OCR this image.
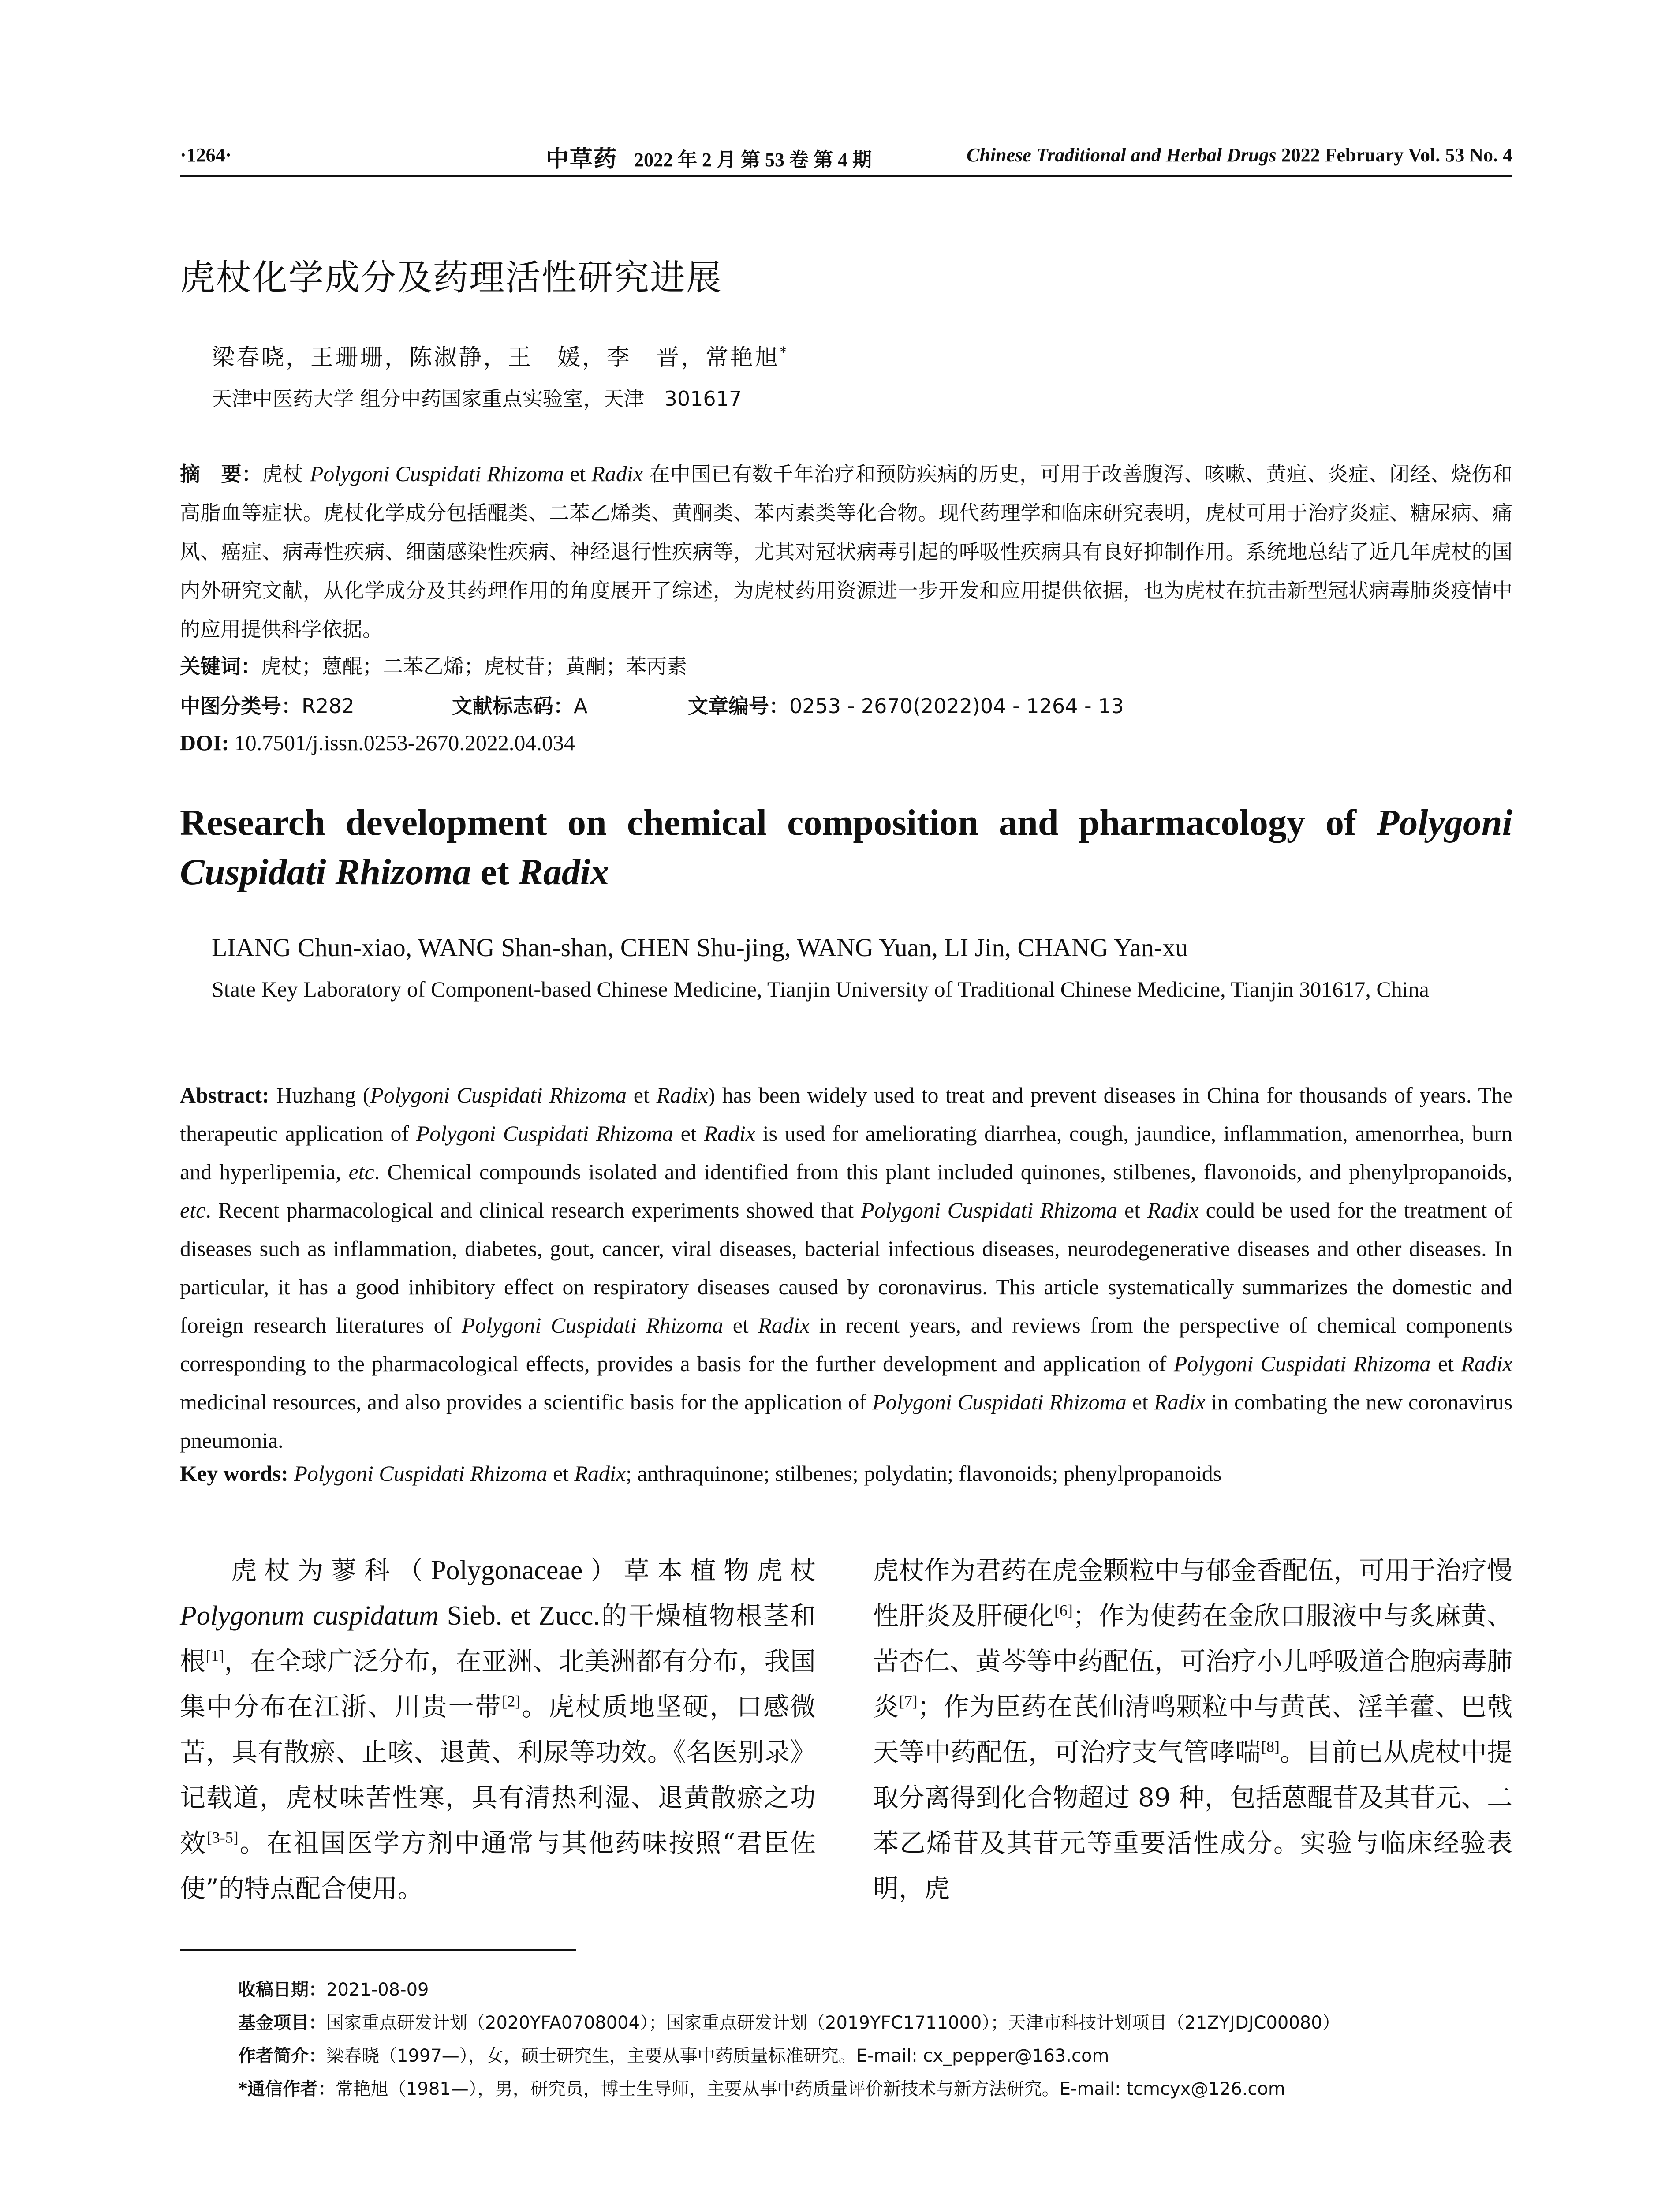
·1264·	中草药 2022 年 2 月 第 53 卷 第 4 期	Chinese Traditional and Herbal Drugs 2022 February Vol. 53 No. 4
虎杖化学成分及药理活性研究进展
梁春晓，王珊珊，陈淑静，王　媛，李　晋，常艳旭*
天津中医药大学 组分中药国家重点实验室，天津　301617
摘　要：虎杖 Polygoni Cuspidati Rhizoma et Radix 在中国已有数千年治疗和预防疾病的历史，可用于改善腹泻、咳嗽、黄疸、炎症、闭经、烧伤和高脂血等症状。虎杖化学成分包括醌类、二苯乙烯类、黄酮类、苯丙素类等化合物。现代药理学和临床研究表明，虎杖可用于治疗炎症、糖尿病、痛风、癌症、病毒性疾病、细菌感染性疾病、神经退行性疾病等，尤其对冠状病毒引起的呼吸性疾病具有良好抑制作用。系统地总结了近几年虎杖的国内外研究文献，从化学成分及其药理作用的角度展开了综述，为虎杖药用资源进一步开发和应用提供依据，也为虎杖在抗击新型冠状病毒肺炎疫情中的应用提供科学依据。
关键词：虎杖；蒽醌；二苯乙烯；虎杖苷；黄酮；苯丙素
中图分类号：R282	文献标志码：A	文章编号：0253 - 2670(2022)04 - 1264 - 13
DOI: 10.7501/j.issn.0253-2670.2022.04.034
Research development on chemical composition and pharmacology of Polygoni Cuspidati Rhizoma et Radix
LIANG Chun-xiao, WANG Shan-shan, CHEN Shu-jing, WANG Yuan, LI Jin, CHANG Yan-xu
State Key Laboratory of Component-based Chinese Medicine, Tianjin University of Traditional Chinese Medicine, Tianjin 301617, China
Abstract: Huzhang (Polygoni Cuspidati Rhizoma et Radix) has been widely used to treat and prevent diseases in China for thousands of years. The therapeutic application of Polygoni Cuspidati Rhizoma et Radix is used for ameliorating diarrhea, cough, jaundice, inflammation, amenorrhea, burn and hyperlipemia, etc. Chemical compounds isolated and identified from this plant included quinones, stilbenes, flavonoids, and phenylpropanoids, etc. Recent pharmacological and clinical research experiments showed that Polygoni Cuspidati Rhizoma et Radix could be used for the treatment of diseases such as inflammation, diabetes, gout, cancer, viral diseases, bacterial infectious diseases, neurodegenerative diseases and other diseases. In particular, it has a good inhibitory effect on respiratory diseases caused by coronavirus. This article systematically summarizes the domestic and foreign research literatures of Polygoni Cuspidati Rhizoma et Radix in recent years, and reviews from the perspective of chemical components corresponding to the pharmacological effects, provides a basis for the further development and application of Polygoni Cuspidati Rhizoma et Radix medicinal resources, and also provides a scientific basis for the application of Polygoni Cuspidati Rhizoma et Radix in combating the new coronavirus pneumonia.
Key words: Polygoni Cuspidati Rhizoma et Radix; anthraquinone; stilbenes; polydatin; flavonoids; phenylpropanoids
虎杖为蓼科（Polygonaceae）草本植物虎杖 Polygonum cuspidatum Sieb. et Zucc.的干燥植物根茎和根[1]，在全球广泛分布，在亚洲、北美洲都有分布，我国集中分布在江浙、川贵一带[2]。虎杖质地坚硬，口感微苦，具有散瘀、止咳、退黄、利尿等功效。《名医别录》记载道，虎杖味苦性寒，具有清热利湿、退黄散瘀之功效[3-5]。在祖国医学方剂中通常与其他药味按照“君臣佐使”的特点配合使用。
虎杖作为君药在虎金颗粒中与郁金香配伍，可用于治疗慢性肝炎及肝硬化[6]；作为使药在金欣口服液中与炙麻黄、苦杏仁、黄芩等中药配伍，可治疗小儿呼吸道合胞病毒肺炎[7]；作为臣药在芪仙清鸣颗粒中与黄芪、淫羊藿、巴戟天等中药配伍，可治疗支气管哮喘[8]。目前已从虎杖中提取分离得到化合物超过 89 种，包括蒽醌苷及其苷元、二苯乙烯苷及其苷元等重要活性成分。实验与临床经验表明，虎
收稿日期：2021-08-09
基金项目：国家重点研发计划（2020YFA0708004）；国家重点研发计划（2019YFC1711000）；天津市科技计划项目（21ZYJDJC00080）
作者简介：梁春晓（1997—），女，硕士研究生，主要从事中药质量标准研究。E-mail: cx_pepper@163.com
*通信作者：常艳旭（1981—），男，研究员，博士生导师，主要从事中药质量评价新技术与新方法研究。E-mail: tcmcyx@126.com
